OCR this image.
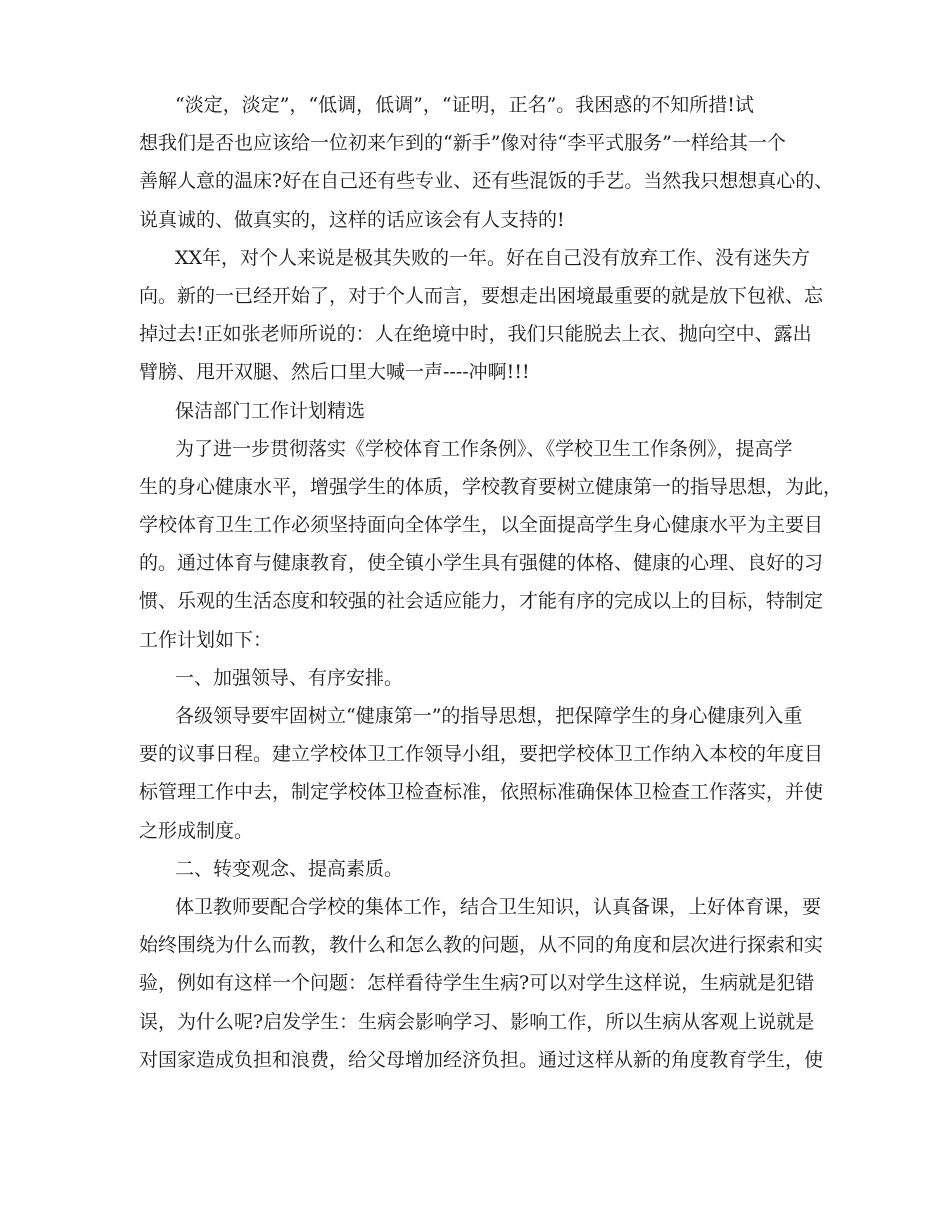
“淡定，淡定”，“低调，低调”，“证明，正名”。我困惑的不知所措!试
想我们是否也应该给一位初来乍到的“新手”像对待“李平式服务”一样给其一个
善解人意的温床?好在自己还有些专业、还有些混饭的手艺。当然我只想想真心的、
说真诚的、做真实的，这样的话应该会有人支持的!
XX年，对个人来说是极其失败的一年。好在自己没有放弃工作、没有迷失方
向。新的一已经开始了，对于个人而言，要想走出困境最重要的就是放下包袱、忘
掉过去!正如张老师所说的：人在绝境中时，我们只能脱去上衣、抛向空中、露出
臂膀、甩开双腿、然后口里大喊一声----冲啊!!!
保洁部门工作计划精选
为了进一步贯彻落实《学校体育工作条例》、《学校卫生工作条例》，提高学
生的身心健康水平，增强学生的体质，学校教育要树立健康第一的指导思想，为此，
学校体育卫生工作必须坚持面向全体学生，以全面提高学生身心健康水平为主要目
的。通过体育与健康教育，使全镇小学生具有强健的体格、健康的心理、良好的习
惯、乐观的生活态度和较强的社会适应能力，才能有序的完成以上的目标，特制定
工作计划如下：
一、加强领导、有序安排。
各级领导要牢固树立“健康第一”的指导思想，把保障学生的身心健康列入重
要的议事日程。建立学校体卫工作领导小组，要把学校体卫工作纳入本校的年度目
标管理工作中去，制定学校体卫检查标准，依照标准确保体卫检查工作落实，并使
之形成制度。
二、转变观念、提高素质。
体卫教师要配合学校的集体工作，结合卫生知识，认真备课，上好体育课，要
始终围绕为什么而教，教什么和怎么教的问题，从不同的角度和层次进行探索和实
验，例如有这样一个问题：怎样看待学生生病?可以对学生这样说，生病就是犯错
误，为什么呢?启发学生：生病会影响学习、影响工作，所以生病从客观上说就是
对国家造成负担和浪费，给父母增加经济负担。通过这样从新的角度教育学生，使
